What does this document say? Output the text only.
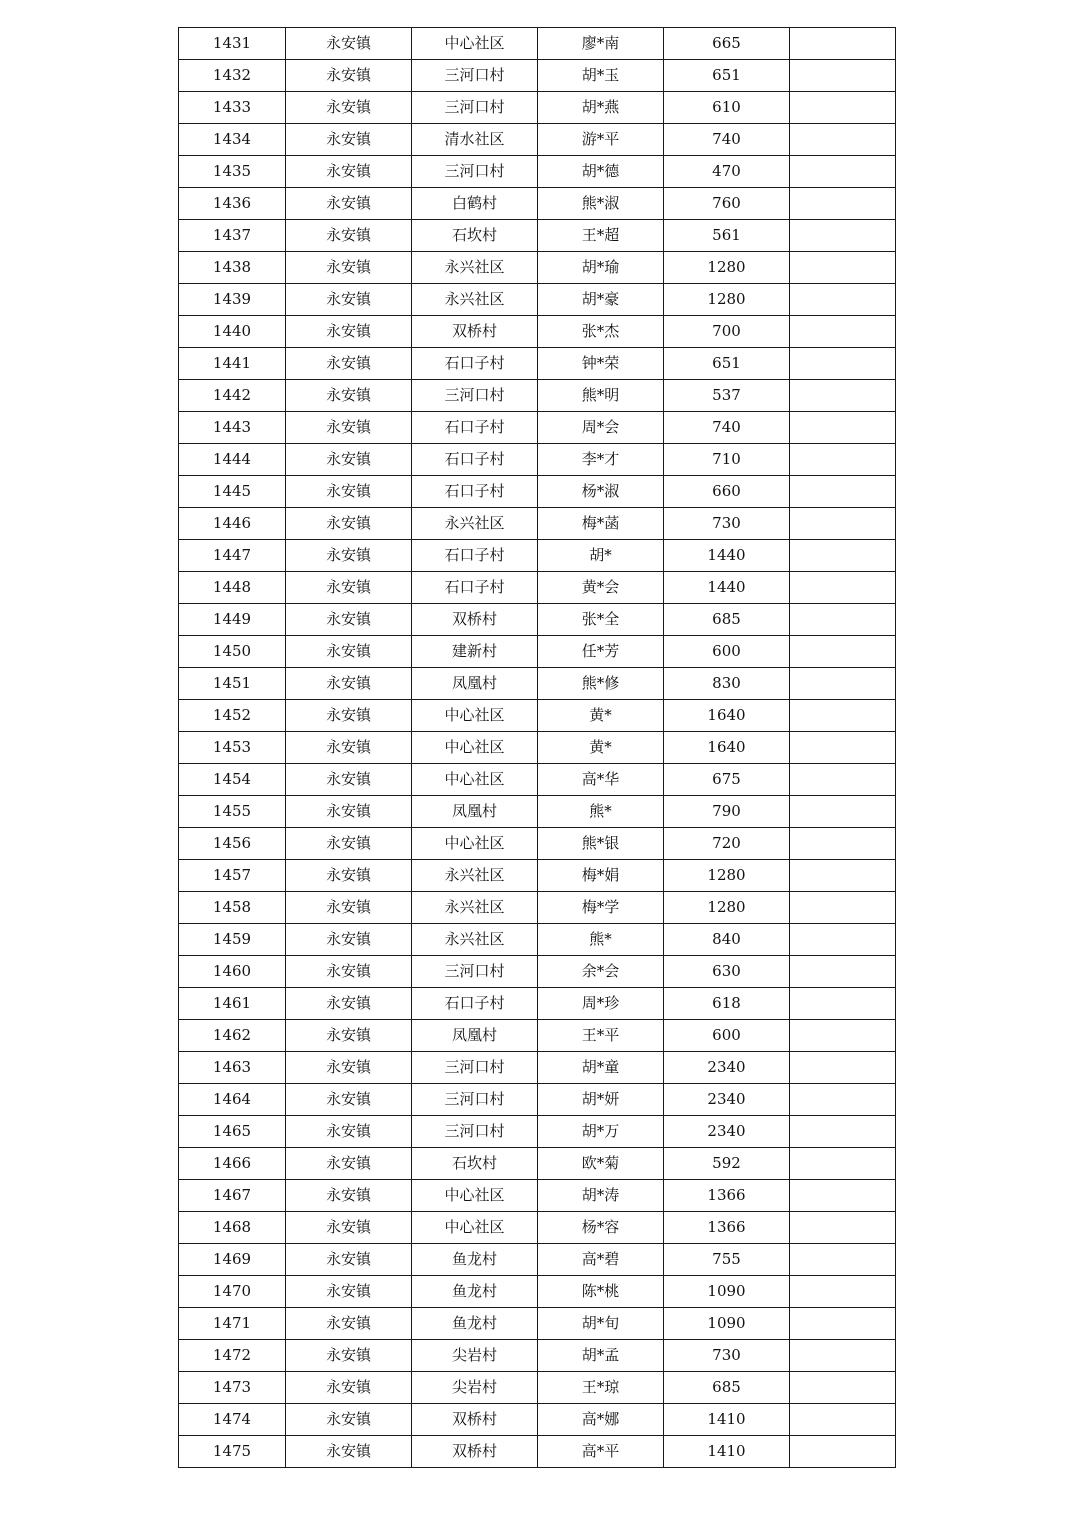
1431	永安镇	中心社区	廖*南	665	
1432	永安镇	三河口村	胡*玉	651	
1433	永安镇	三河口村	胡*燕	610	
1434	永安镇	清水社区	游*平	740	
1435	永安镇	三河口村	胡*德	470	
1436	永安镇	白鹤村	熊*淑	760	
1437	永安镇	石坎村	王*超	561	
1438	永安镇	永兴社区	胡*瑜	1280	
1439	永安镇	永兴社区	胡*豪	1280	
1440	永安镇	双桥村	张*杰	700	
1441	永安镇	石口子村	钟*荣	651	
1442	永安镇	三河口村	熊*明	537	
1443	永安镇	石口子村	周*会	740	
1444	永安镇	石口子村	李*才	710	
1445	永安镇	石口子村	杨*淑	660	
1446	永安镇	永兴社区	梅*菡	730	
1447	永安镇	石口子村	胡*	1440	
1448	永安镇	石口子村	黄*会	1440	
1449	永安镇	双桥村	张*全	685	
1450	永安镇	建新村	任*芳	600	
1451	永安镇	凤凰村	熊*修	830	
1452	永安镇	中心社区	黄*	1640	
1453	永安镇	中心社区	黄*	1640	
1454	永安镇	中心社区	高*华	675	
1455	永安镇	凤凰村	熊*	790	
1456	永安镇	中心社区	熊*银	720	
1457	永安镇	永兴社区	梅*娟	1280	
1458	永安镇	永兴社区	梅*学	1280	
1459	永安镇	永兴社区	熊*	840	
1460	永安镇	三河口村	余*会	630	
1461	永安镇	石口子村	周*珍	618	
1462	永安镇	凤凰村	王*平	600	
1463	永安镇	三河口村	胡*童	2340	
1464	永安镇	三河口村	胡*妍	2340	
1465	永安镇	三河口村	胡*万	2340	
1466	永安镇	石坎村	欧*菊	592	
1467	永安镇	中心社区	胡*涛	1366	
1468	永安镇	中心社区	杨*容	1366	
1469	永安镇	鱼龙村	高*碧	755	
1470	永安镇	鱼龙村	陈*桃	1090	
1471	永安镇	鱼龙村	胡*旬	1090	
1472	永安镇	尖岩村	胡*孟	730	
1473	永安镇	尖岩村	王*琼	685	
1474	永安镇	双桥村	高*娜	1410	
1475	永安镇	双桥村	高*平	1410	
